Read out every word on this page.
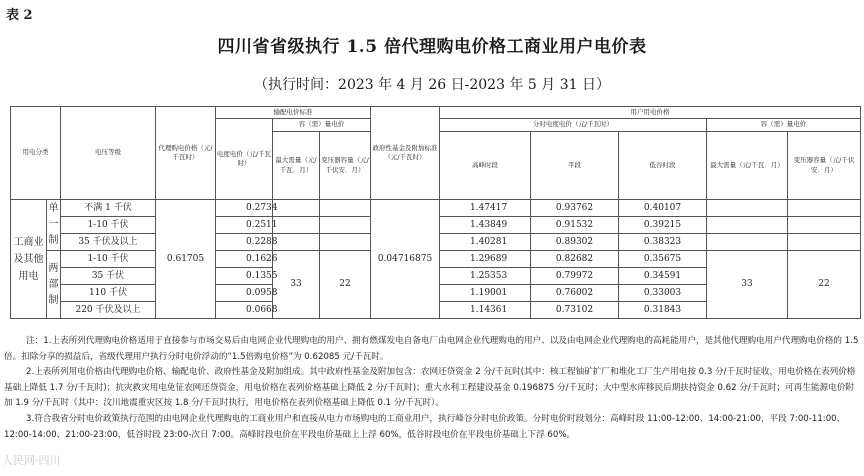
表 2
四川省省级执行 1.5 倍代理购电价格工商业用户电价表
（执行时间：2023 年 4 月 26 日-2023 年 5 月 31 日）
用电分类		电压等级	代理购电价格（元/千瓦时）	输配电价标准			政府性基金及附加标准（元/千瓦时）	用户用电价格				
				电度电价（元/千瓦时）	容（需）量电价			分时电度电价（元/千瓦时）			容（需）量电价	
					最大需量（元/千瓦．月）	变压器容量（元/千伏安．月）		高峰时段	平段	低谷时段	最大需量（元/千瓦．月）	变压器容量（元/千伏安．月）
工商业及其他用电	单一制	不满 1 千伏	0.61705	0.2734			0.04716875	1.47417	0.93762	0.40107		
		1-10 千伏		0.2511				1.43849	0.91532	0.39215		
		35 千伏及以上		0.2288				1.40281	0.89302	0.38323		
	两部制	1-10 千伏		0.1626	33	22		1.29689	0.82682	0.35675	33	22
		35 千伏		0.1355				1.25353	0.79972	0.34591		
		110 千伏		0.0958				1.19001	0.76002	0.33003		
		220 千伏及以上		0.0668				1.14361	0.73102	0.31843		

注：1.上表所列代理购电价格适用于直接参与市场交易后由电网企业代理购电的用户、拥有燃煤发电自备电厂由电网企业代理购电的用户、以及由电网企业代理购电的高耗能用户，是其他代理购电用户代理购电价格的 1.5 倍。扣除分享的损益后，省级代理用户执行分时电价浮动的“1.5倍购电价格”为 0.62085 元/千瓦时。

2.上表所列用电价格由代理购电价格、输配电价、政府性基金及附加组成。其中政府性基金及附加包含：农网还贷资金 2 分/千瓦时(其中：核工程铀矿扩厂和堆化工厂生产用电按 0.3 分/千瓦时征收，用电价格在表列价格基础上降低 1.7 分/千瓦时)；抗灾救灾用电免征农网还贷资金，用电价格在表列价格基础上降低 2 分/千瓦时)；重大水利工程建设基金 0.196875 分/千瓦时；大中型水库移民后期扶持资金 0.62 分/千瓦时；可再生能源电价附加 1.9 分/千瓦时（其中：汶川地震重灾区按 1.8 分/千瓦时执行，用电价格在表列价格基础上降低 0.1 分/千瓦时）。

3.符合我省分时电价政策执行范围的由电网企业代理购电的工商业用户和直接从电力市场购电的工商业用户，执行峰谷分时电价政策。分时电价时段划分：高峰时段 11:00-12:00、14:00-21:00，平段 7:00-11:00、12:00-14:00、21:00-23:00，低谷时段 23:00-次日 7:00。高峰时段电价在平段电价基础上上浮 60%，低谷时段电价在平段电价基础上下浮 60%。

人民网·四川
